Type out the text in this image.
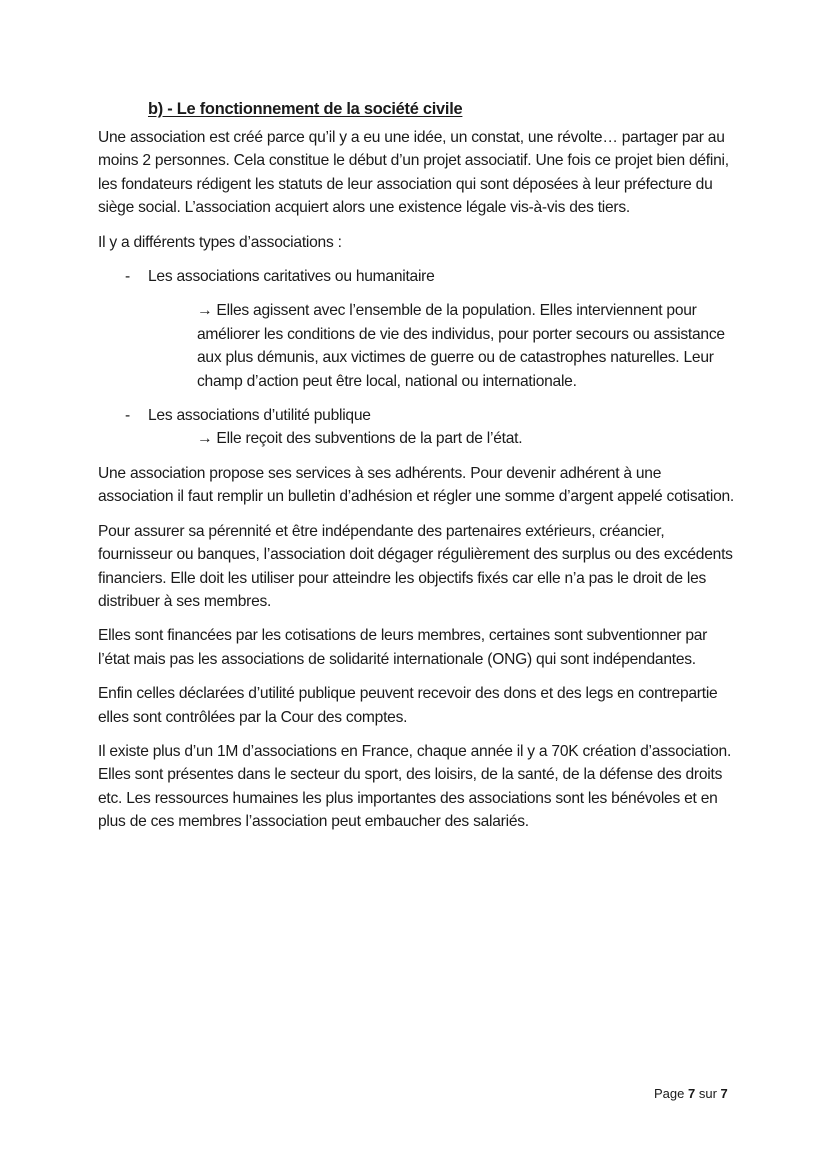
b) - Le fonctionnement de la société civile

Une association est créé parce qu’il y a eu une idée, un constat, une révolte… partager par au moins 2 personnes. Cela constitue le début d’un projet associatif. Une fois ce projet bien défini, les fondateurs rédigent les statuts de leur association qui sont déposées à leur préfecture du siège social. L’association acquiert alors une existence légale vis-à-vis des tiers.

Il y a différents types d’associations :

- Les associations caritatives ou humanitaire
→ Elles agissent avec l’ensemble de la population. Elles interviennent pour améliorer les conditions de vie des individus, pour porter secours ou assistance aux plus démunis, aux victimes de guerre ou de catastrophes naturelles. Leur champ d’action peut être local, national ou internationale.
- Les associations d’utilité publique
→ Elle reçoit des subventions de la part de l’état.

Une association propose ses services à ses adhérents. Pour devenir adhérent à une association il faut remplir un bulletin d’adhésion et régler une somme d’argent appelé cotisation.

Pour assurer sa pérennité et être indépendante des partenaires extérieurs, créancier, fournisseur ou banques, l’association doit dégager régulièrement des surplus ou des excédents financiers. Elle doit les utiliser pour atteindre les objectifs fixés car elle n’a pas le droit de les distribuer à ses membres.

Elles sont financées par les cotisations de leurs membres, certaines sont subventionner par l’état mais pas les associations de solidarité internationale (ONG) qui sont indépendantes.

Enfin celles déclarées d’utilité publique peuvent recevoir des dons et des legs en contrepartie elles sont contrôlées par la Cour des comptes.

Il existe plus d’un 1M d’associations en France, chaque année il y a 70K création d’association. Elles sont présentes dans le secteur du sport, des loisirs, de la santé, de la défense des droits etc. Les ressources humaines les plus importantes des associations sont les bénévoles et en plus de ces membres l’association peut embaucher des salariés.

Page 7 sur 7
